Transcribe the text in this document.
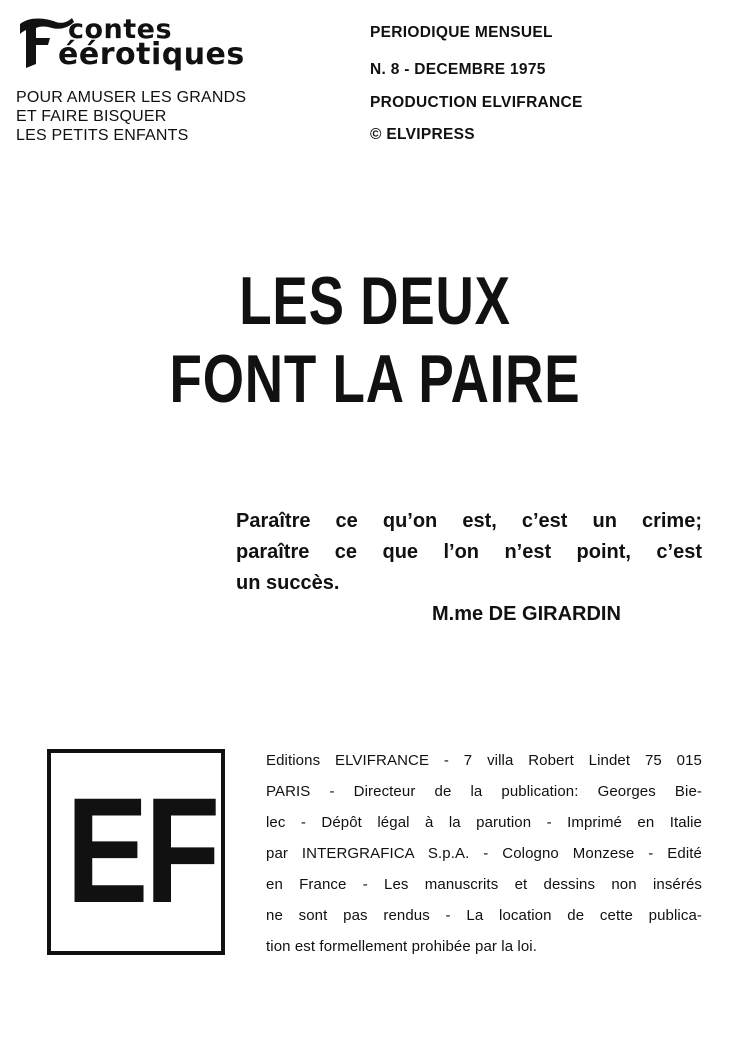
contes
éérotiques
POUR AMUSER LES GRANDS
ET FAIRE BISQUER
LES PETITS ENFANTS
PERIODIQUE MENSUEL
N. 8 - DECEMBRE 1975
PRODUCTION ELVIFRANCE
© ELVIPRESS
LES DEUX
FONT LA PAIRE
Paraître ce qu’on est, c’est un crime;
paraître ce que l’on n’est point, c’est
un succès.
M.me DE GIRARDIN
EF
Editions ELVIFRANCE - 7 villa Robert Lindet 75 015
PARIS - Directeur de la publication: Georges Bie-
lec - Dépôt légal à la parution - Imprimé en Italie
par INTERGRAFICA S.p.A. - Cologno Monzese - Edité
en France - Les manuscrits et dessins non insérés
ne sont pas rendus - La location de cette publica-
tion est formellement prohibée par la loi.
